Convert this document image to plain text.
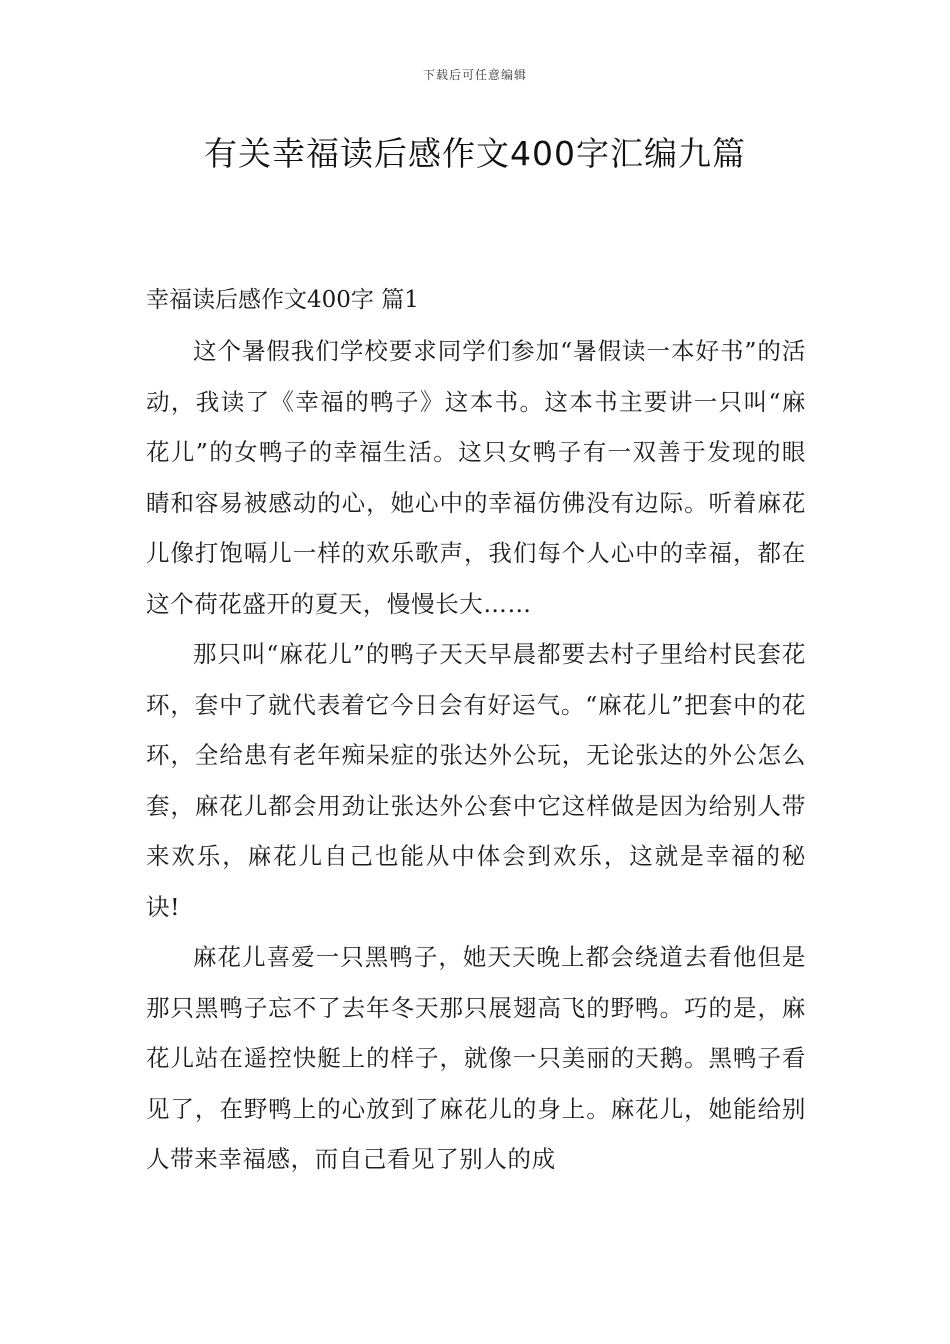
下载后可任意编辑
有关幸福读后感作文400字汇编九篇
幸福读后感作文400字 篇1

这个暑假我们学校要求同学们参加“暑假读一本好书”的活动，我读了《幸福的鸭子》这本书。这本书主要讲一只叫“麻花儿”的女鸭子的幸福生活。这只女鸭子有一双善于发现的眼睛和容易被感动的心，她心中的幸福仿佛没有边际。听着麻花儿像打饱嗝儿一样的欢乐歌声，我们每个人心中的幸福，都在这个荷花盛开的夏天，慢慢长大……

那只叫“麻花儿”的鸭子天天早晨都要去村子里给村民套花环，套中了就代表着它今日会有好运气。“麻花儿”把套中的花环，全给患有老年痴呆症的张达外公玩，无论张达的外公怎么套，麻花儿都会用劲让张达外公套中它这样做是因为给别人带来欢乐，麻花儿自己也能从中体会到欢乐，这就是幸福的秘诀!

麻花儿喜爱一只黑鸭子，她天天晚上都会绕道去看他但是那只黑鸭子忘不了去年冬天那只展翅高飞的野鸭。巧的是，麻花儿站在遥控快艇上的样子，就像一只美丽的天鹅。黑鸭子看见了，在野鸭上的心放到了麻花儿的身上。麻花儿，她能给别人带来幸福感，而自己看见了别人的成
